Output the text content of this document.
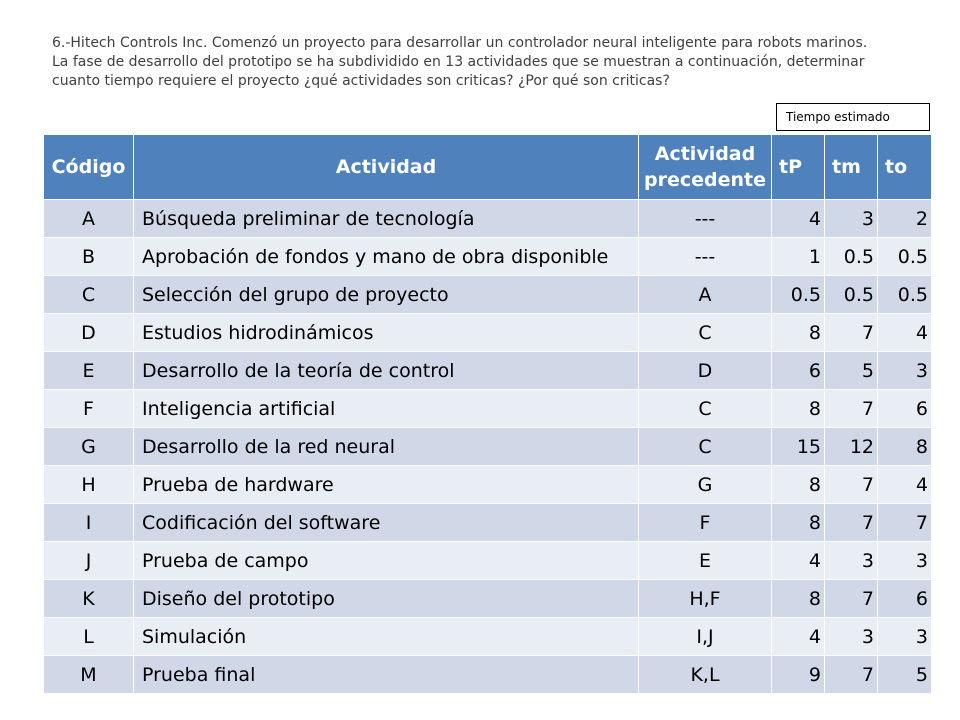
6.-Hitech Controls Inc. Comenzó un proyecto para desarrollar un controlador neural inteligente para robots marinos.

La fase de desarrollo del prototipo se ha subdividido en 13 actividades que se muestran a continuación, determinar

cuanto tiempo requiere el proyecto ¿qué actividades son criticas? ¿Por qué son criticas?

Tiempo estimado
Código	Actividad	Actividad precedente	tP	tm	to
A	Búsqueda preliminar de tecnología	---	4	3	2
B	Aprobación de fondos y mano de obra disponible	---	1	0.5	0.5
C	Selección del grupo de proyecto	A	0.5	0.5	0.5
D	Estudios hidrodinámicos	C	8	7	4
E	Desarrollo de la teoría de control	D	6	5	3
F	Inteligencia artificial	C	8	7	6
G	Desarrollo de la red neural	C	15	12	8
H	Prueba de hardware	G	8	7	4
I	Codificación del software	F	8	7	7
J	Prueba de campo	E	4	3	3
K	Diseño del prototipo	H,F	8	7	6
L	Simulación	I,J	4	3	3
M	Prueba final	K,L	9	7	5
